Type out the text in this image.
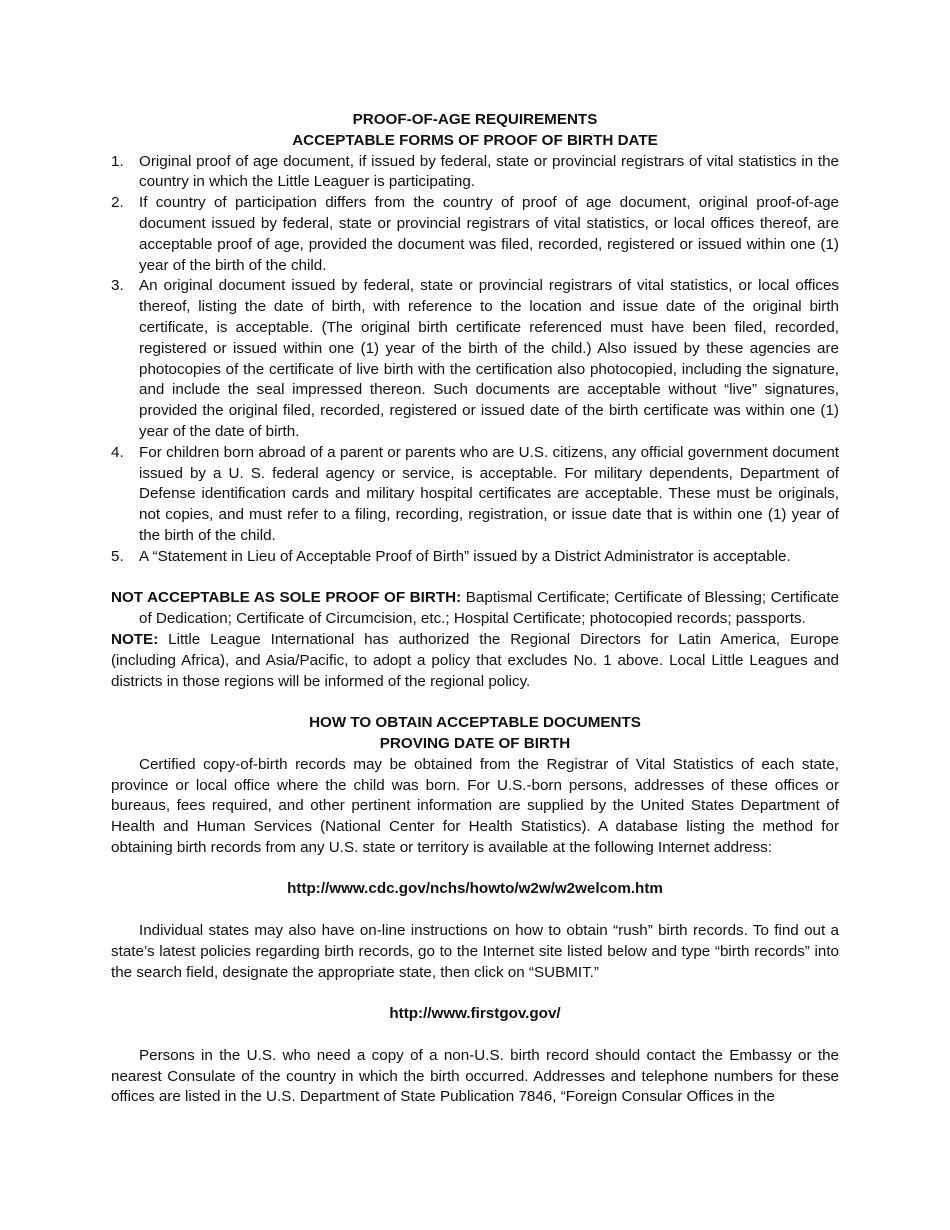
PROOF-OF-AGE REQUIREMENTS
ACCEPTABLE FORMS OF PROOF OF BIRTH DATE
1. Original proof of age document, if issued by federal, state or provincial registrars of vital statistics in the country in which the Little Leaguer is participating.
2. If country of participation differs from the country of proof of age document, original proof-of-age document issued by federal, state or provincial registrars of vital statistics, or local offices thereof, are acceptable proof of age, provided the document was filed, recorded, registered or issued within one (1) year of the birth of the child.
3. An original document issued by federal, state or provincial registrars of vital statistics, or local offices thereof, listing the date of birth, with reference to the location and issue date of the original birth certificate, is acceptable. (The original birth certificate referenced must have been filed, recorded, registered or issued within one (1) year of the birth of the child.) Also issued by these agencies are photocopies of the certificate of live birth with the certification also photocopied, including the signature, and include the seal impressed thereon. Such documents are acceptable without “live” signatures, provided the original filed, recorded, registered or issued date of the birth certificate was within one (1) year of the date of birth.
4. For children born abroad of a parent or parents who are U.S. citizens, any official government document issued by a U. S. federal agency or service, is acceptable. For military dependents, Department of Defense identification cards and military hospital certificates are acceptable. These must be originals, not copies, and must refer to a filing, recording, registration, or issue date that is within one (1) year of the birth of the child.
5. A “Statement in Lieu of Acceptable Proof of Birth” issued by a District Administrator is acceptable.
NOT ACCEPTABLE AS SOLE PROOF OF BIRTH: Baptismal Certificate; Certificate of Blessing; Certificate of Dedication; Certificate of Circumcision, etc.; Hospital Certificate; photocopied records; passports.
NOTE: Little League International has authorized the Regional Directors for Latin America, Europe (including Africa), and Asia/Pacific, to adopt a policy that excludes No. 1 above. Local Little Leagues and districts in those regions will be informed of the regional policy.
HOW TO OBTAIN ACCEPTABLE DOCUMENTS
PROVING DATE OF BIRTH
Certified copy-of-birth records may be obtained from the Registrar of Vital Statistics of each state, province or local office where the child was born. For U.S.-born persons, addresses of these offices or bureaus, fees required, and other pertinent information are supplied by the United States Department of Health and Human Services (National Center for Health Statistics). A database listing the method for obtaining birth records from any U.S. state or territory is available at the following Internet address:
http://www.cdc.gov/nchs/howto/w2w/w2welcom.htm
Individual states may also have on-line instructions on how to obtain “rush” birth records. To find out a state’s latest policies regarding birth records, go to the Internet site listed below and type “birth records” into the search field, designate the appropriate state, then click on “SUBMIT.”
http://www.firstgov.gov/
Persons in the U.S. who need a copy of a non-U.S. birth record should contact the Embassy or the nearest Consulate of the country in which the birth occurred. Addresses and telephone numbers for these offices are listed in the U.S. Department of State Publication 7846, “Foreign Consular Offices in the
